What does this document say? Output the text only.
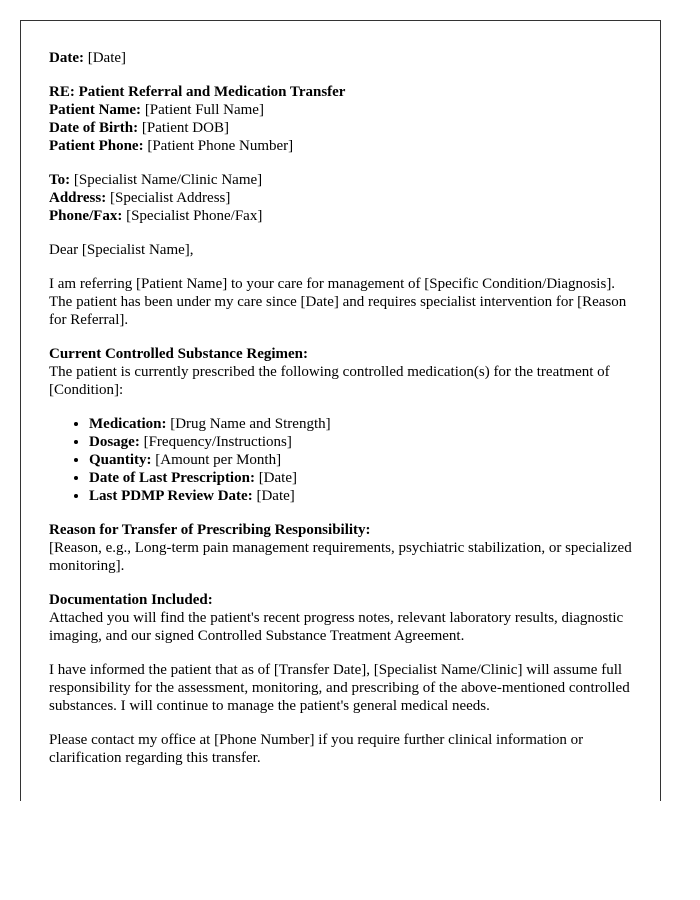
Date: [Date]

RE: Patient Referral and Medication Transfer
Patient Name: [Patient Full Name]
Date of Birth: [Patient DOB]
Patient Phone: [Patient Phone Number]

To: [Specialist Name/Clinic Name]
Address: [Specialist Address]
Phone/Fax: [Specialist Phone/Fax]

Dear [Specialist Name],

I am referring [Patient Name] to your care for management of [Specific Condition/Diagnosis]. The patient has been under my care since [Date] and requires specialist intervention for [Reason for Referral].

Current Controlled Substance Regimen:
The patient is currently prescribed the following controlled medication(s) for the treatment of [Condition]:

• Medication: [Drug Name and Strength]
• Dosage: [Frequency/Instructions]
• Quantity: [Amount per Month]
• Date of Last Prescription: [Date]
• Last PDMP Review Date: [Date]

Reason for Transfer of Prescribing Responsibility:
[Reason, e.g., Long-term pain management requirements, psychiatric stabilization, or specialized monitoring].

Documentation Included:
Attached you will find the patient's recent progress notes, relevant laboratory results, diagnostic imaging, and our signed Controlled Substance Treatment Agreement.

I have informed the patient that as of [Transfer Date], [Specialist Name/Clinic] will assume full responsibility for the assessment, monitoring, and prescribing of the above-mentioned controlled substances. I will continue to manage the patient's general medical needs.

Please contact my office at [Phone Number] if you require further clinical information or clarification regarding this transfer.
